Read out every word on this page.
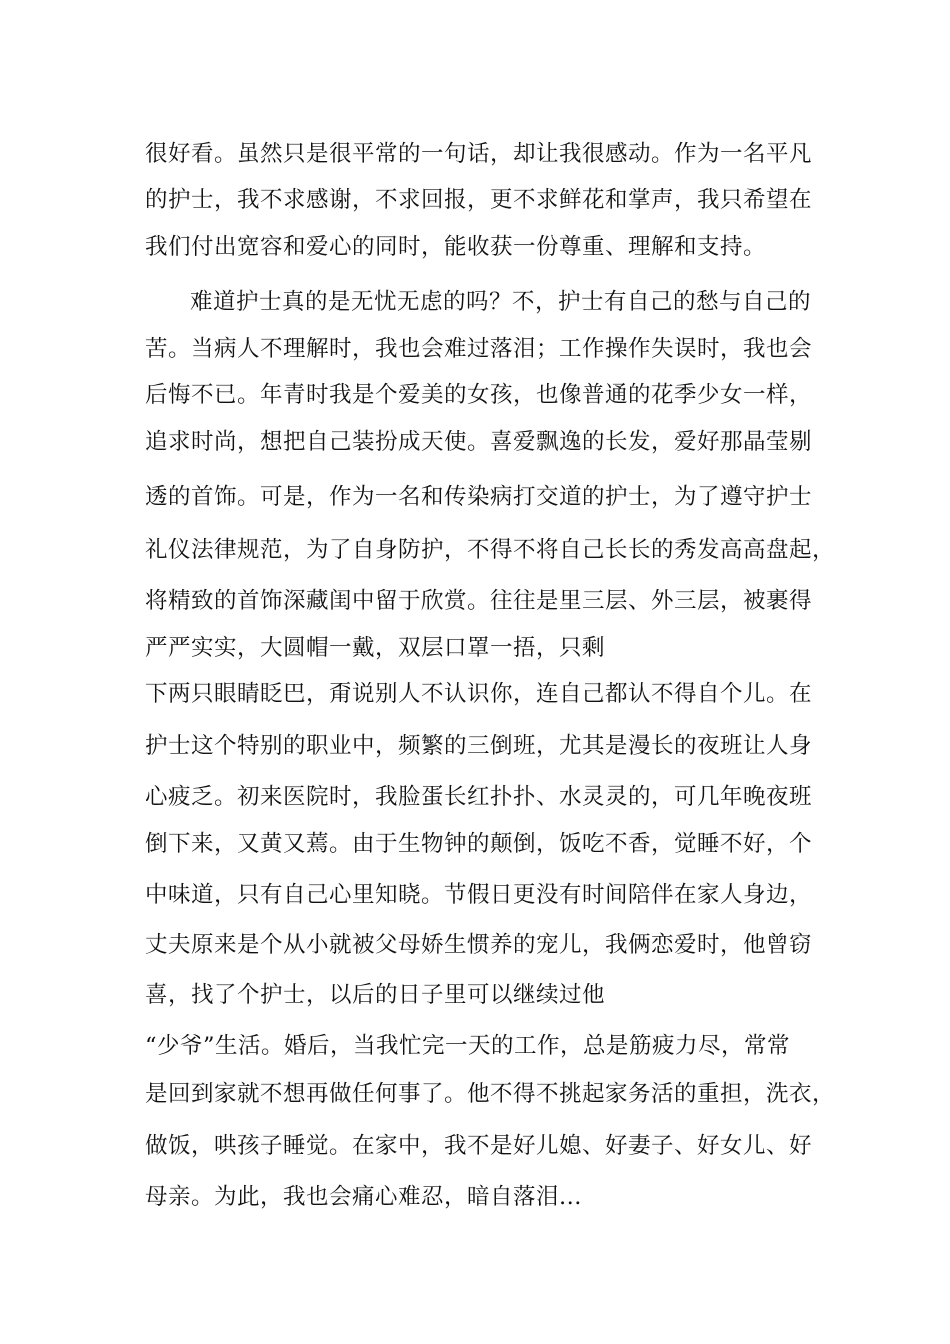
很好看。虽然只是很平常的一句话，却让我很感动。作为一名平凡
的护士，我不求感谢，不求回报，更不求鲜花和掌声，我只希望在
我们付出宽容和爱心的同时，能收获一份尊重、理解和支持。
难道护士真的是无忧无虑的吗？不，护士有自己的愁与自己的
苦。当病人不理解时，我也会难过落泪；工作操作失误时，我也会
后悔不已。年青时我是个爱美的女孩，也像普通的花季少女一样，
追求时尚，想把自己装扮成天使。喜爱飘逸的长发，爱好那晶莹剔
透的首饰。可是，作为一名和传染病打交道的护士，为了遵守护士
礼仪法律规范，为了自身防护，不得不将自己长长的秀发高高盘起，
将精致的首饰深藏闺中留于欣赏。往往是里三层、外三层，被裹得
严严实实，大圆帽一戴，双层口罩一捂，只剩
下两只眼睛眨巴，甭说别人不认识你，连自己都认不得自个儿。在
护士这个特别的职业中，频繁的三倒班，尤其是漫长的夜班让人身
心疲乏。初来医院时，我脸蛋长红扑扑、水灵灵的，可几年晚夜班
倒下来，又黄又蔫。由于生物钟的颠倒，饭吃不香，觉睡不好，个
中味道，只有自己心里知晓。节假日更没有时间陪伴在家人身边，
丈夫原来是个从小就被父母娇生惯养的宠儿，我俩恋爱时，他曾窃
喜，找了个护士，以后的日子里可以继续过他
“少爷”生活。婚后，当我忙完一天的工作，总是筋疲力尽，常常
是回到家就不想再做任何事了。他不得不挑起家务活的重担，洗衣，
做饭，哄孩子睡觉。在家中，我不是好儿媳、好妻子、好女儿、好
母亲。为此，我也会痛心难忍，暗自落泪...
